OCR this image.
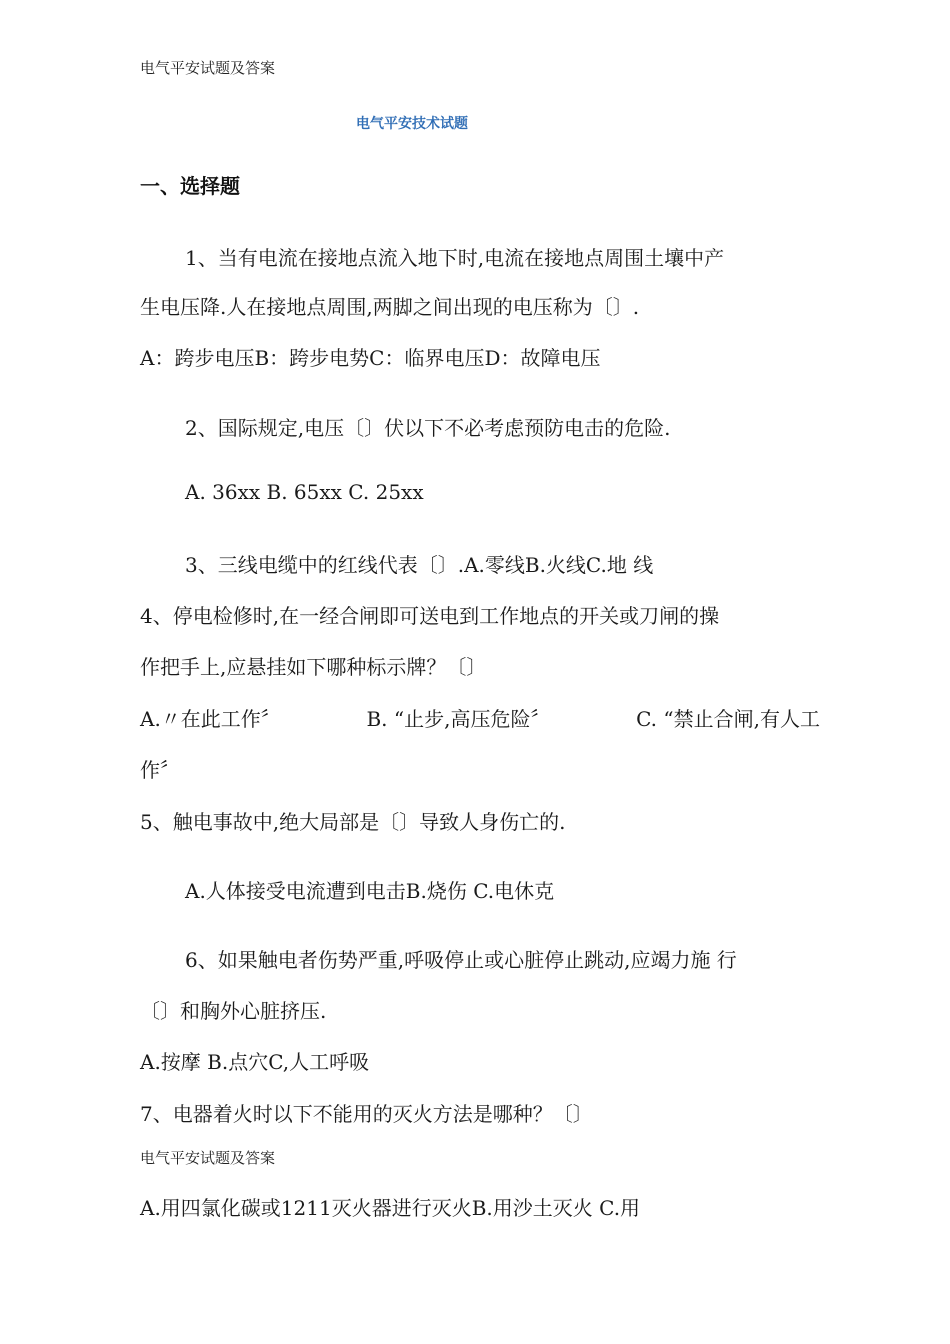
电气平安试题及答案
电气平安技术试题
一、选择题
1、当有电流在接地点流入地下时,电流在接地点周围土壤中产
生电压降.人在接地点周围,两脚之间出现的电压称为〔〕.
A：跨步电压B：跨步电势C：临界电压D：故障电压
2、国际规定,电压〔〕伏以下不必考虑预防电击的危险.
A. 36xx B. 65xx C. 25xx
3、三线电缆中的红线代表〔〕.A.零线B.火线C.地 线
4、停电检修时,在一经合闸即可送电到工作地点的开关或刀闸的操
作把手上,应悬挂如下哪种标示牌？〔〕
A.〃在此工作〞	B. “止步,高压危险〞	C. “禁止合闸,有人工
作〞
5、触电事故中,绝大局部是〔〕导致人身伤亡的.
A.人体接受电流遭到电击B.烧伤 C.电休克
6、如果触电者伤势严重,呼吸停止或心脏停止跳动,应竭力施 行
〔〕和胸外心脏挤压.
A.按摩 B.点穴C,人工呼吸
7、电器着火时以下不能用的灭火方法是哪种？〔〕
电气平安试题及答案
A.用四氯化碳或1211灭火器进行灭火B.用沙土灭火 C.用
